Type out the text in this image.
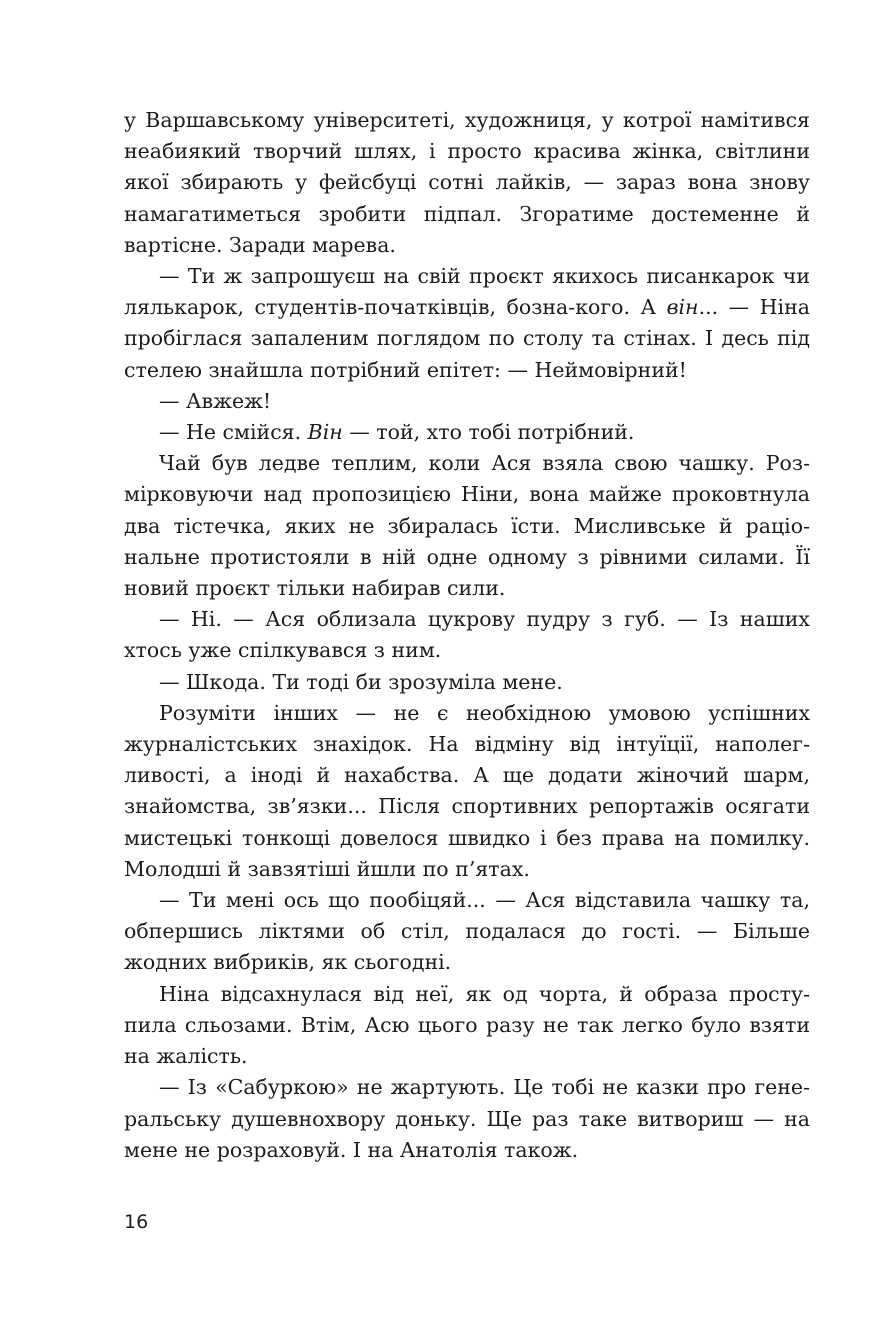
у Варшавському університеті, художниця, у котрої намітився неабиякий творчий шлях, і просто красива жінка, світлини якої збирають у фейсбуці сотні лайків, — зараз вона знову намагатиметься зробити підпал. Згоратиме достеменне й вартісне. Заради марева.

— Ти ж запрошуєш на свій проєкт якихось писанкарок чи лялькарок, студентів-початківців, бозна-кого. А він... — Ніна пробіглася запаленим поглядом по столу та стінах. І десь під стелею знайшла потрібний епітет: — Неймовірний!

— Авжеж!

— Не смійся. Він — той, хто тобі потрібний.

Чай був ледве теплим, коли Ася взяла свою чашку. Розмірковуючи над пропозицією Ніни, вона майже проковтнула два тістечка, яких не збиралась їсти. Мисливське й раціональне протистояли в ній одне одному з рівними силами. Її новий проєкт тільки набирав сили.

— Ні. — Ася облизала цукрову пудру з губ. — Із наших хтось уже спілкувався з ним.

— Шкода. Ти тоді би зрозуміла мене.

Розуміти інших — не є необхідною умовою успішних журналістських знахідок. На відміну від інтуїції, наполегливості, а іноді й нахабства. А ще додати жіночий шарм, знайомства, зв’язки... Після спортивних репортажів осягати мистецькі тонкощі довелося швидко і без права на помилку. Молодші й завзятіші йшли по п’ятах.

— Ти мені ось що пообіцяй... — Ася відставила чашку та, обпершись ліктями об стіл, подалася до гості. — Більше жодних вибриків, як сьогодні.

Ніна відсахнулася від неї, як од чорта, й образа проступила сльозами. Втім, Асю цього разу не так легко було взяти на жалість.

— Із «Сабуркою» не жартують. Це тобі не казки про генеральську душевнохвору доньку. Ще раз таке витвориш — на мене не розраховуй. І на Анатолія також.

16
